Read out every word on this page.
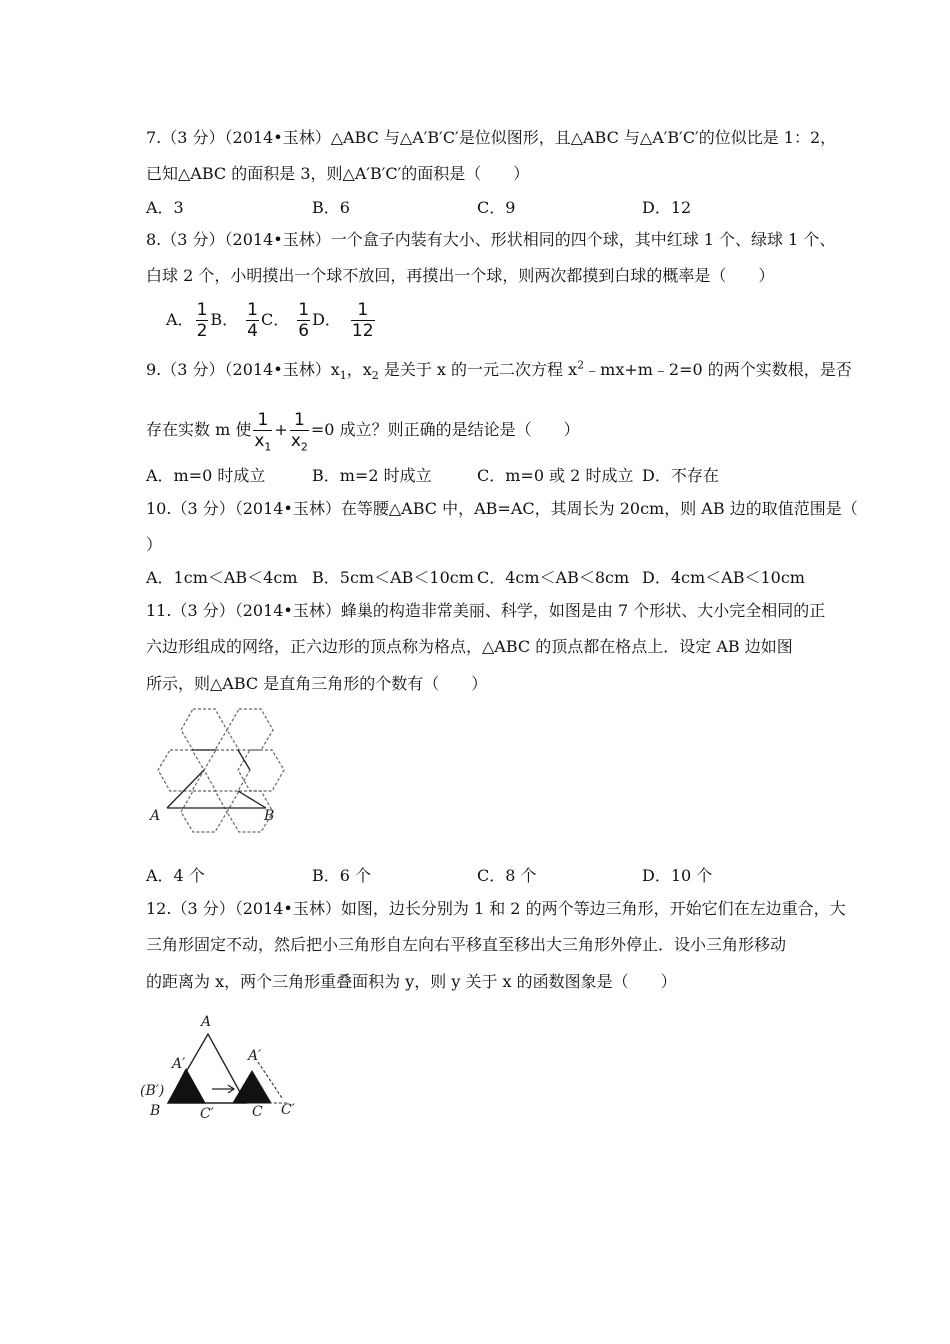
7.（3 分）（2014•玉林）△ABC 与△A′B′C′是位似图形，且△ABC 与△A′B′C′的位似比是 1：2，
已知△ABC 的面积是 3，则△A′B′C′的面积是（　　）
A．3	B．6	C．9	D．12
8.（3 分）（2014•玉林）一个盒子内装有大小、形状相同的四个球，其中红球 1 个、绿球 1 个、
白球 2 个，小明摸出一个球不放回，再摸出一个球，则两次都摸到白球的概率是（　　）
A． $\frac{1}{2}$ B． $\frac{1}{4}$ C． $\frac{1}{6}$ D． $\frac{1}{12}$
9.（3 分）（2014•玉林）$x_1$，$x_2$ 是关于 x 的一元二次方程 $x^2﹣mx+m﹣2=0$ 的两个实数根，是否
存在实数 m 使 $\frac{1}{x_1} + \frac{1}{x_2} =0$ 成立？则正确的是结论是（　　）
A．m=0 时成立	B．m=2 时成立	C．m=0 或 2 时成立 D．不存在
10.（3 分）（2014•玉林）在等腰△ABC 中，AB=AC，其周长为 20cm，则 AB 边的取值范围是（
）
A．1cm＜AB＜4cm B．5cm＜AB＜10cm C．4cm＜AB＜8cm D．4cm＜AB＜10cm
11.（3 分）（2014•玉林）蜂巢的构造非常美丽、科学，如图是由 7 个形状、大小完全相同的正
六边形组成的网络，正六边形的顶点称为格点，△ABC 的顶点都在格点上．设定 AB 边如图
所示，则△ABC 是直角三角形的个数有（　　）
A	B
A．4 个	B．6 个	C．8 个	D．10 个
12.（3 分）（2014•玉林）如图，边长分别为 1 和 2 的两个等边三角形，开始它们在左边重合，大
三角形固定不动，然后把小三角形自左向右平移直至移出大三角形外停止．设小三角形移动
的距离为 x，两个三角形重叠面积为 y，则 y 关于 x 的函数图象是（　　）
A
A′	A′
(B′)
B	C′	C C′
